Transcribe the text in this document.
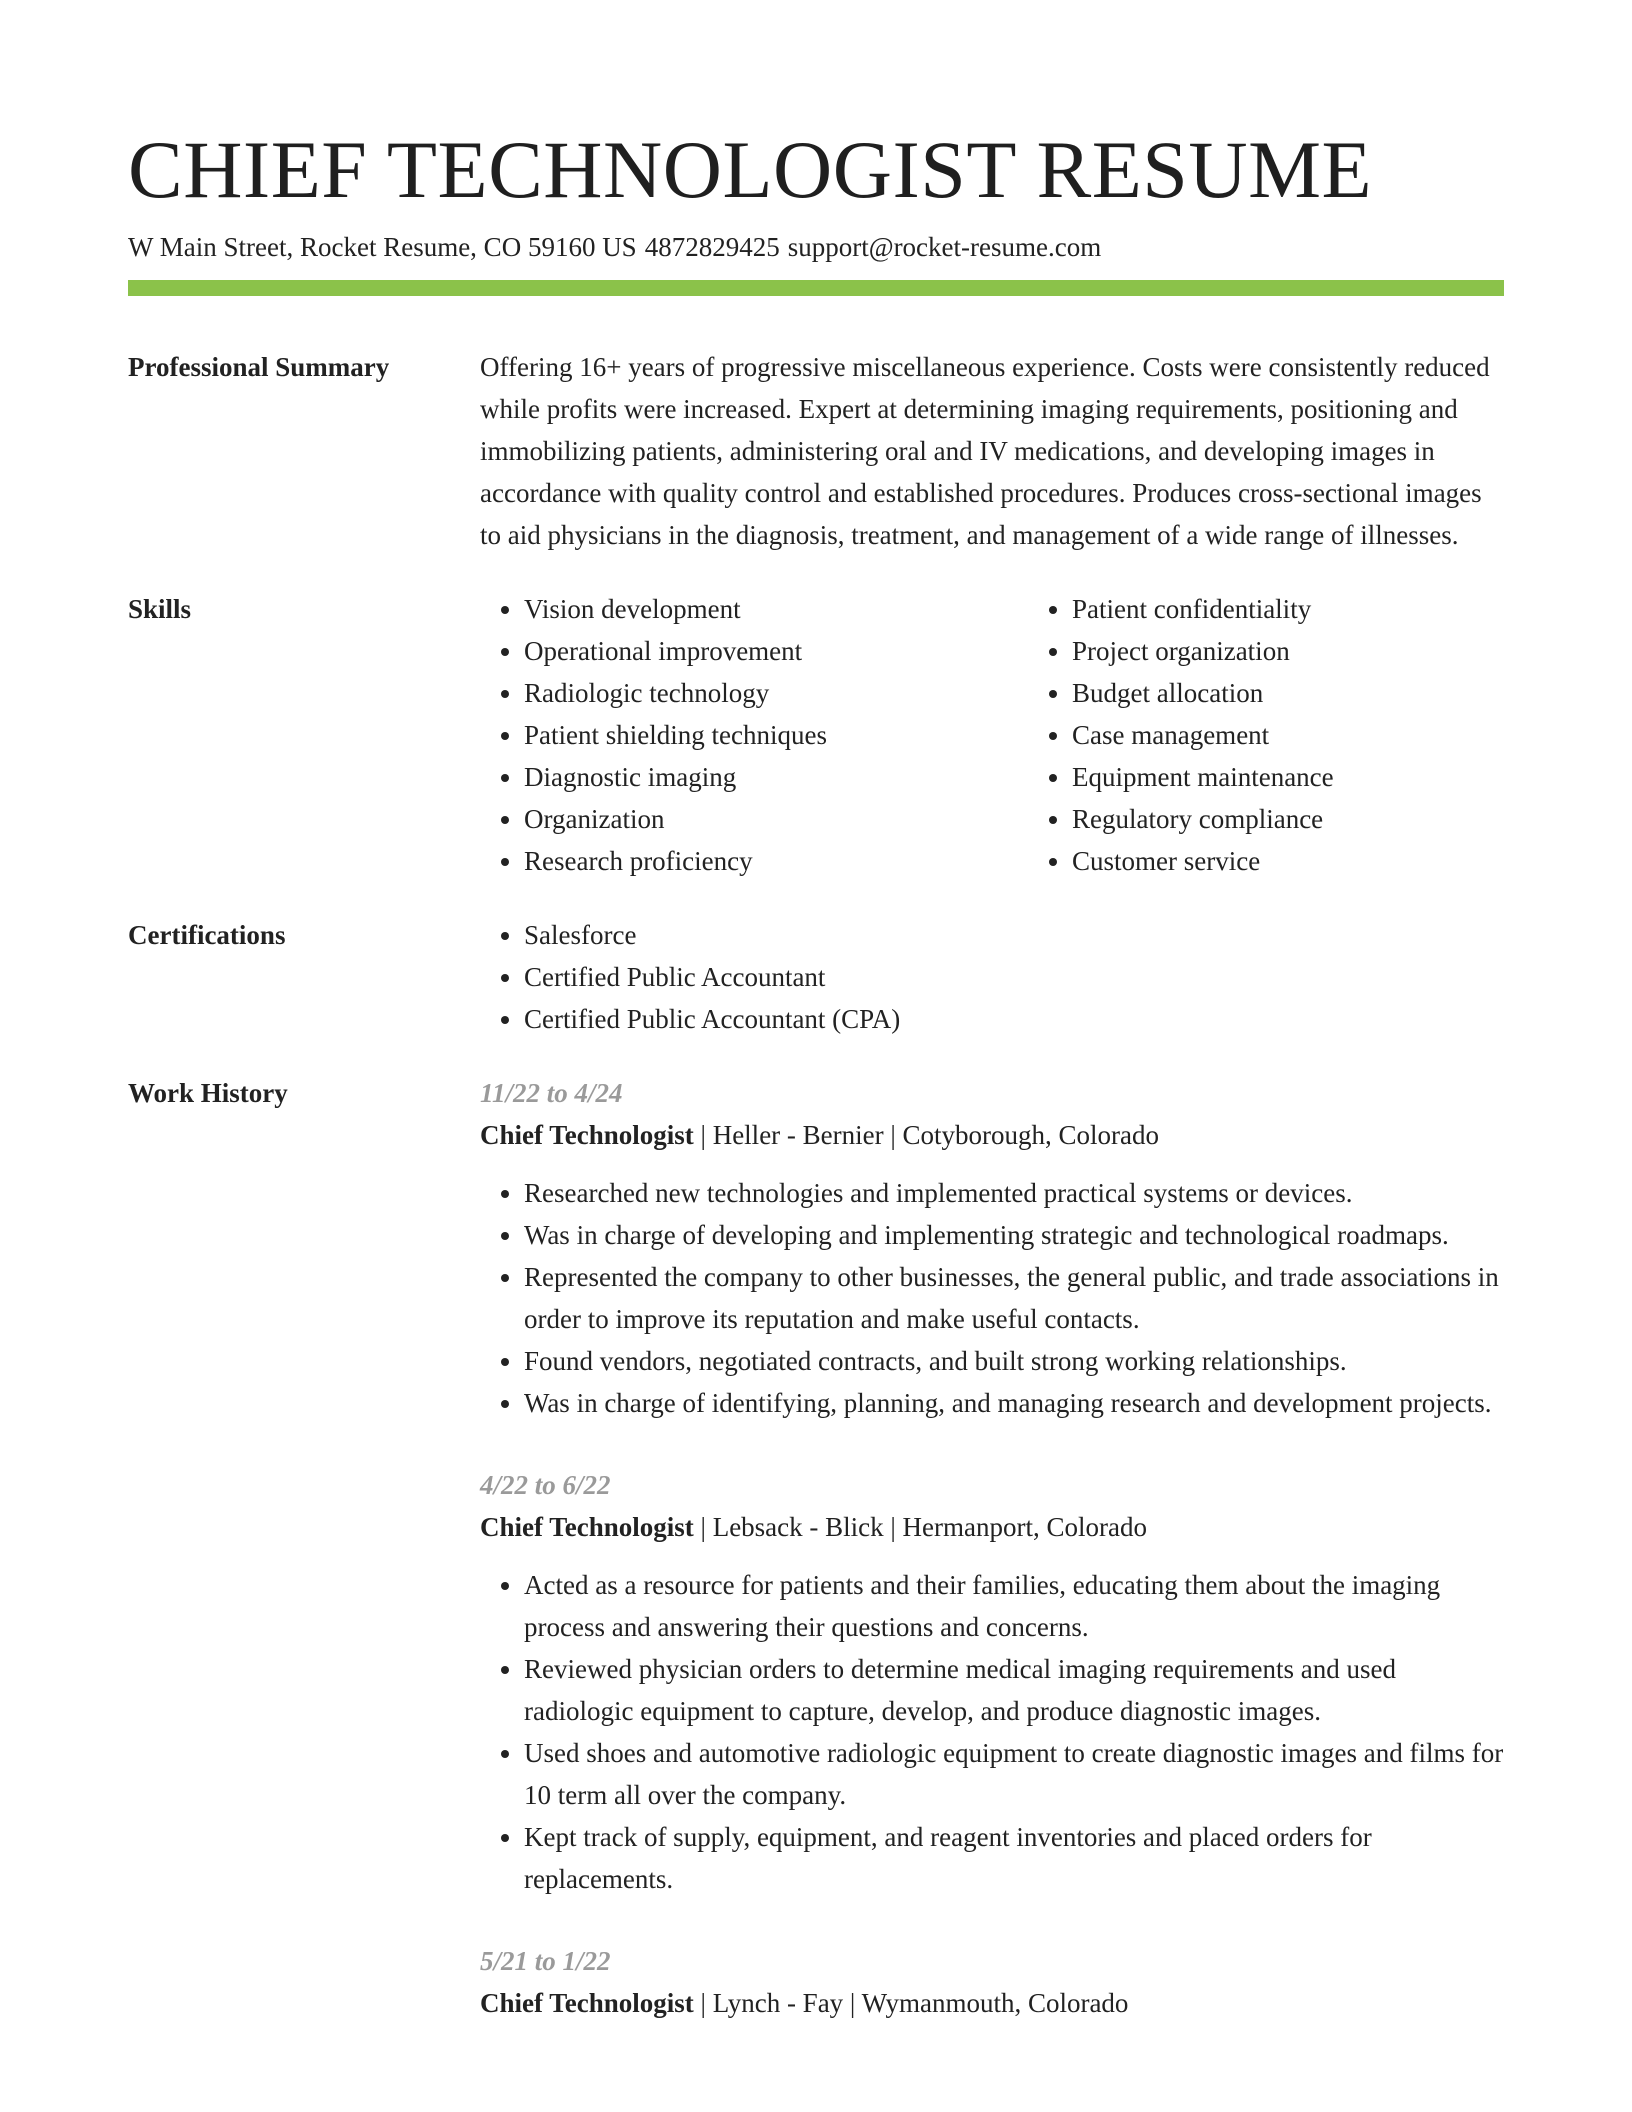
CHIEF TECHNOLOGIST RESUME
W Main Street, Rocket Resume, CO 59160 US 4872829425 support@rocket-resume.com
Professional Summary	Offering 16+ years of progressive miscellaneous experience. Costs were consistently reduced while profits were increased. Expert at determining imaging requirements, positioning and immobilizing patients, administering oral and IV medications, and developing images in accordance with quality control and established procedures. Produces cross-sectional images to aid physicians in the diagnosis, treatment, and management of a wide range of illnesses.

Skills	• Vision development
• Operational improvement
• Radiologic technology
• Patient shielding techniques
• Diagnostic imaging
• Organization
• Research proficiency
• Patient confidentiality
• Project organization
• Budget allocation
• Case management
• Equipment maintenance
• Regulatory compliance
• Customer service
Certifications	• Salesforce
• Certified Public Accountant
• Certified Public Accountant (CPA)
Work History	11/22 to 4/24
Chief Technologist | Heller - Bernier | Cotyborough, Colorado
• Researched new technologies and implemented practical systems or devices.
• Was in charge of developing and implementing strategic and technological roadmaps.
• Represented the company to other businesses, the general public, and trade associations in order to improve its reputation and make useful contacts.
• Found vendors, negotiated contracts, and built strong working relationships.
• Was in charge of identifying, planning, and managing research and development projects.
4/22 to 6/22
Chief Technologist | Lebsack - Blick | Hermanport, Colorado
• Acted as a resource for patients and their families, educating them about the imaging process and answering their questions and concerns.
• Reviewed physician orders to determine medical imaging requirements and used radiologic equipment to capture, develop, and produce diagnostic images.
• Used shoes and automotive radiologic equipment to create diagnostic images and films for 10 term all over the company.
• Kept track of supply, equipment, and reagent inventories and placed orders for replacements.
5/21 to 1/22
Chief Technologist | Lynch - Fay | Wymanmouth, Colorado
